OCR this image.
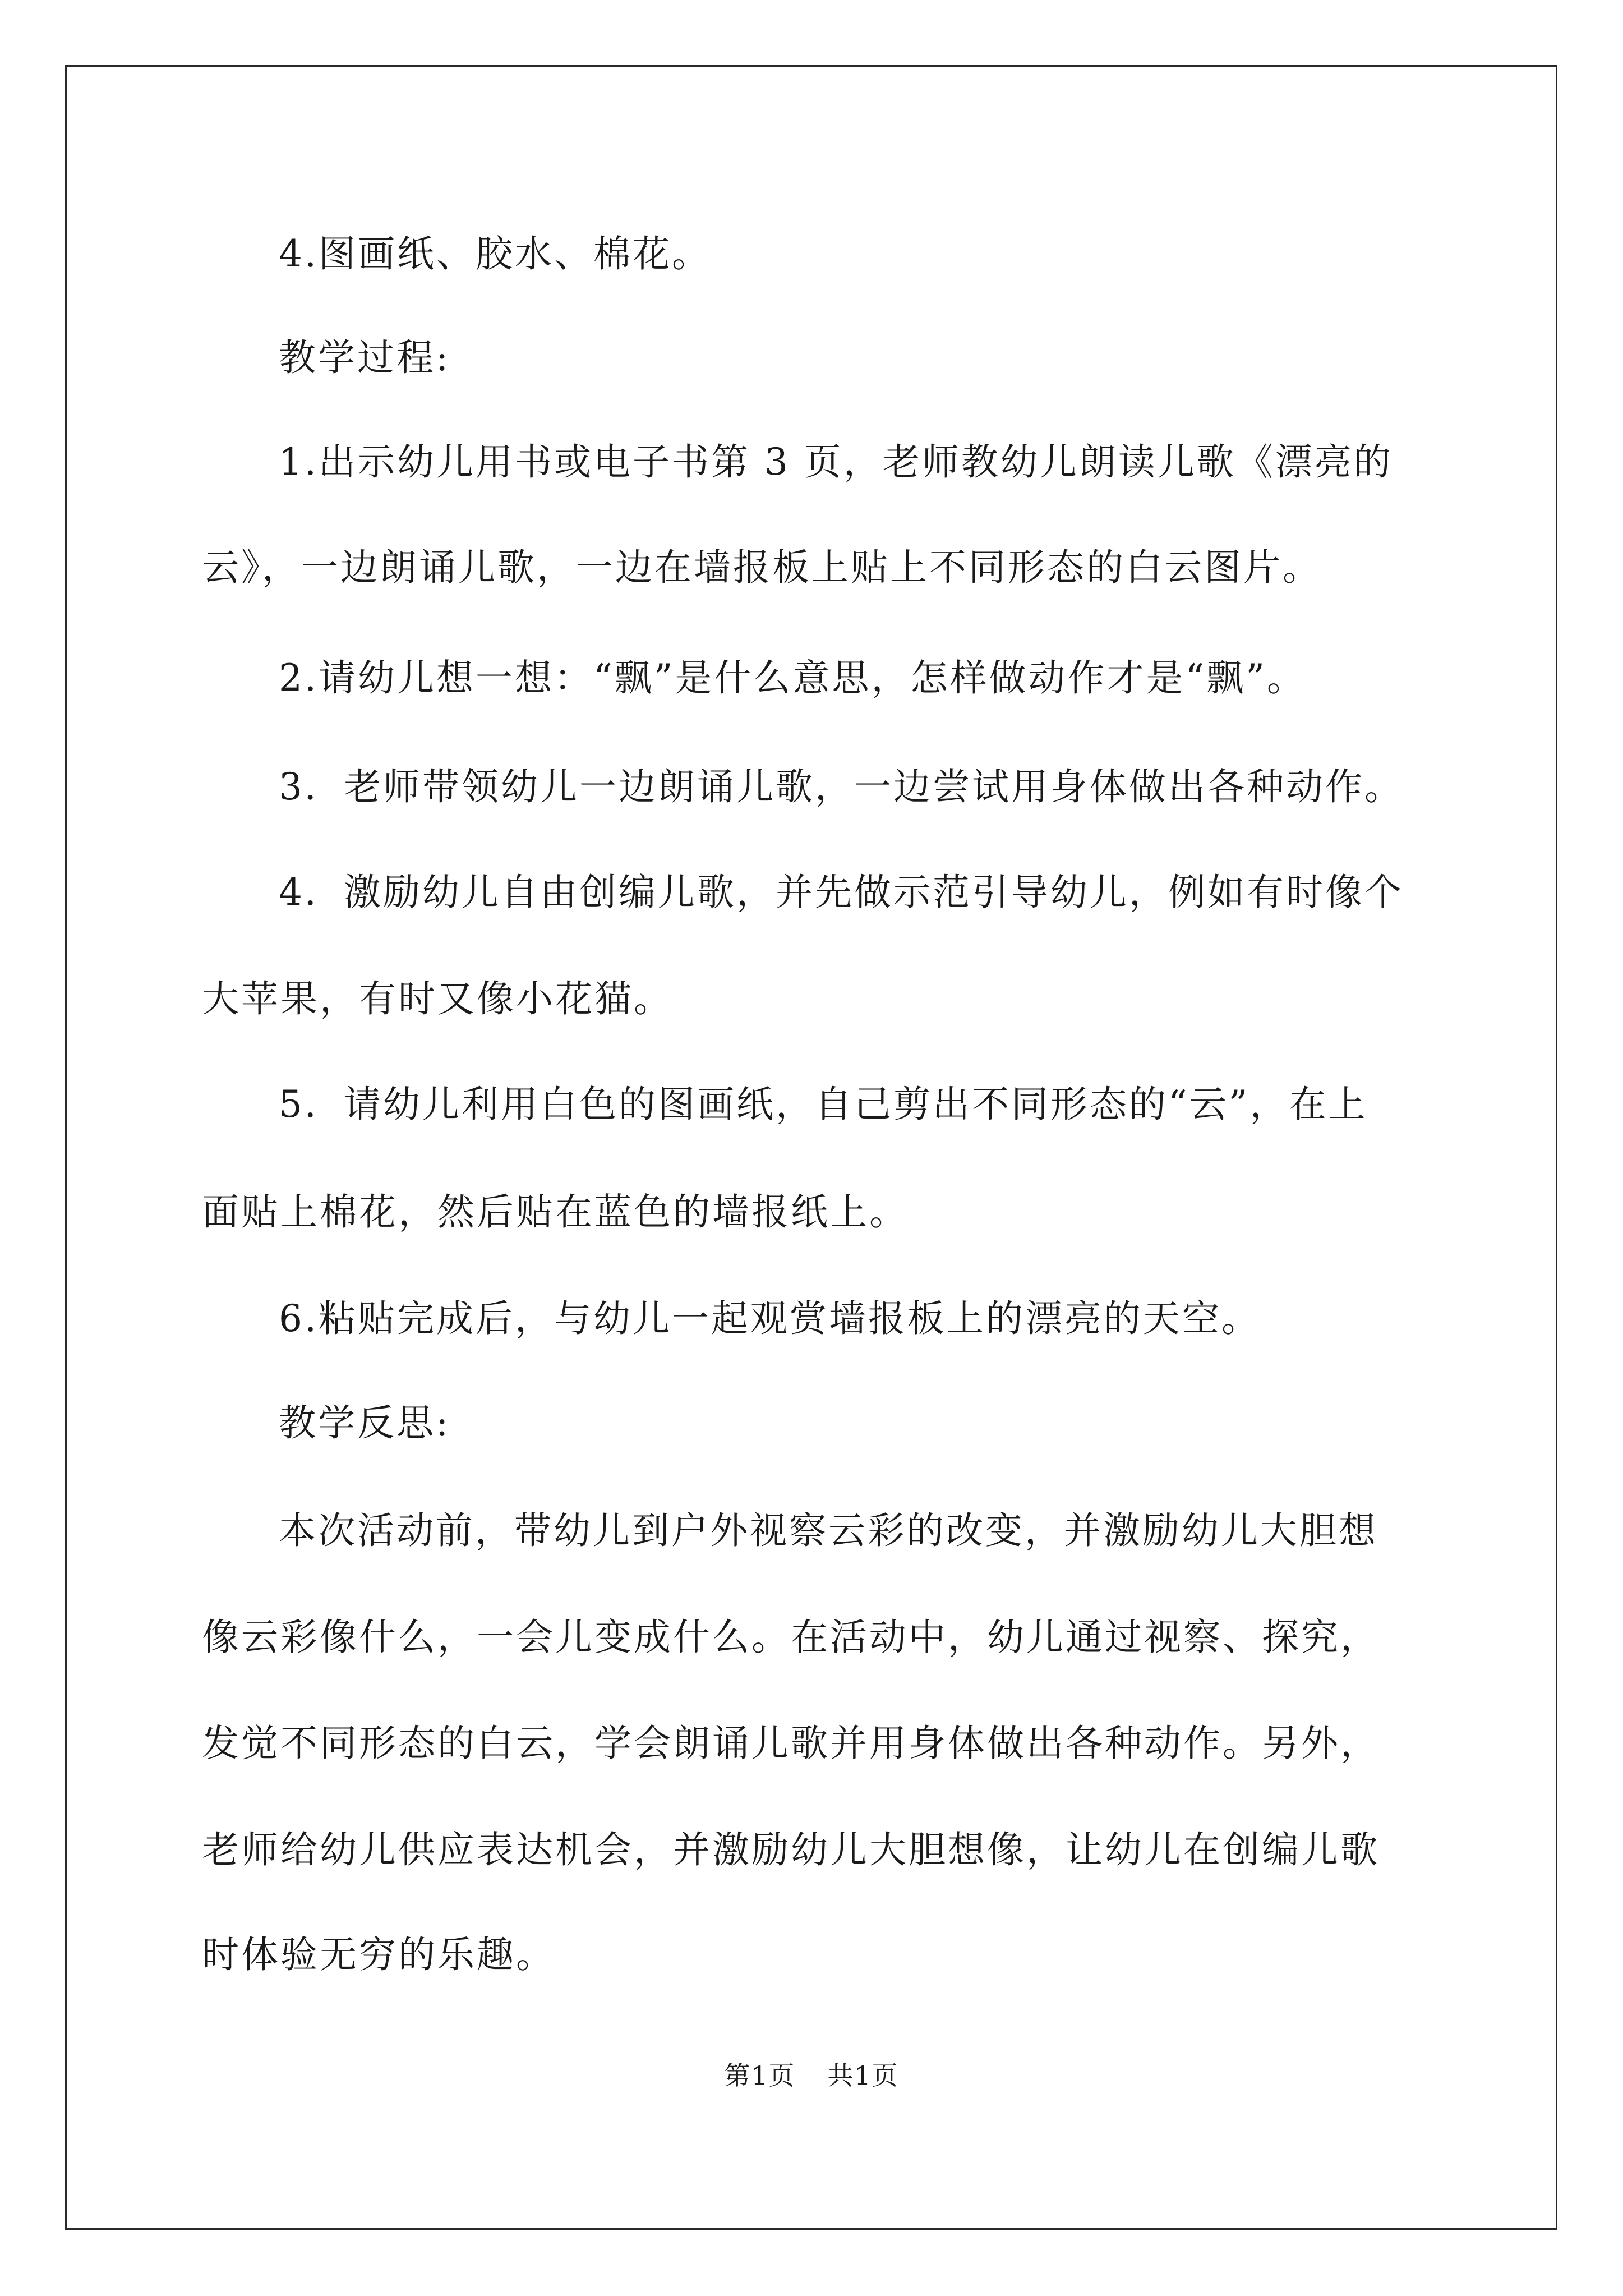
4.图画纸、胶水、棉花。
教学过程:
1.出示幼儿用书或电子书第 3 页，老师教幼儿朗读儿歌《漂亮的
云》，一边朗诵儿歌，一边在墙报板上贴上不同形态的白云图片。
2.请幼儿想一想：“飘”是什么意思，怎样做动作才是“飘”。
3．老师带领幼儿一边朗诵儿歌，一边尝试用身体做出各种动作。
4．激励幼儿自由创编儿歌，并先做示范引导幼儿，例如有时像个
大苹果，有时又像小花猫。
5．请幼儿利用白色的图画纸，自己剪出不同形态的“云”，在上
面贴上棉花，然后贴在蓝色的墙报纸上。
6.粘贴完成后，与幼儿一起观赏墙报板上的漂亮的天空。
教学反思:
本次活动前，带幼儿到户外视察云彩的改变，并激励幼儿大胆想
像云彩像什么，一会儿变成什么。在活动中，幼儿通过视察、探究，
发觉不同形态的白云，学会朗诵儿歌并用身体做出各种动作。另外，
老师给幼儿供应表达机会，并激励幼儿大胆想像，让幼儿在创编儿歌
时体验无穷的乐趣。
第1页 共1页
